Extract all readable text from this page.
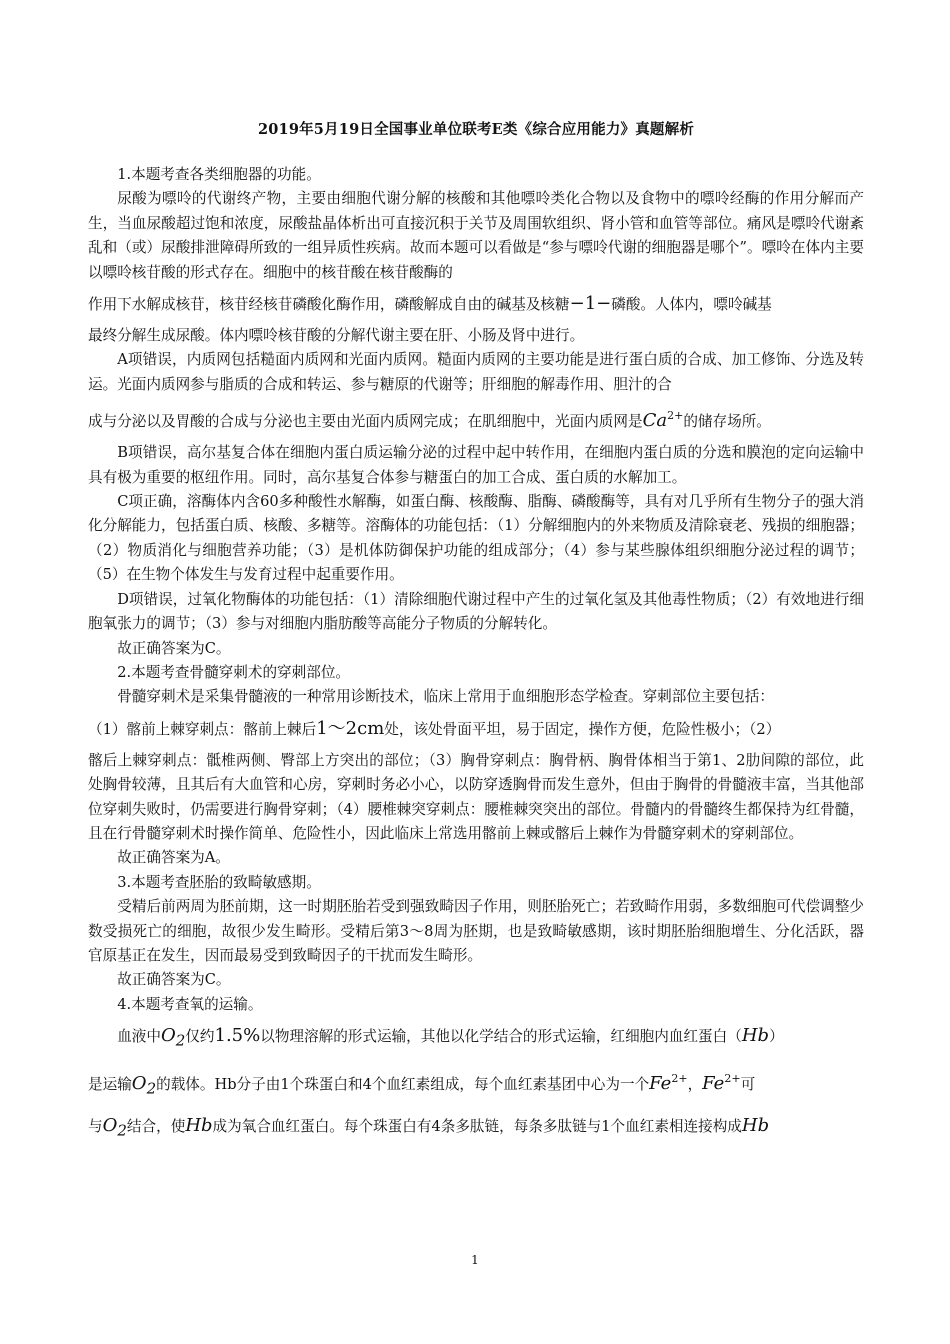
2019年5月19日全国事业单位联考E类《综合应用能力》真题解析

1.本题考查各类细胞器的功能。

尿酸为嘌呤的代谢终产物，主要由细胞代谢分解的核酸和其他嘌呤类化合物以及食物中的嘌呤经酶的作用分解而产生，当血尿酸超过饱和浓度，尿酸盐晶体析出可直接沉积于关节及周围软组织、肾小管和血管等部位。痛风是嘌呤代谢紊乱和（或）尿酸排泄障碍所致的一组异质性疾病。故而本题可以看做是“参与嘌呤代谢的细胞器是哪个”。嘌呤在体内主要以嘌呤核苷酸的形式存在。细胞中的核苷酸在核苷酸酶的

作用下水解成核苷，核苷经核苷磷酸化酶作用，磷酸解成自由的碱基及核糖−1−磷酸。人体内，嘌呤碱基

最终分解生成尿酸。体内嘌呤核苷酸的分解代谢主要在肝、小肠及肾中进行。

A项错误，内质网包括糙面内质网和光面内质网。糙面内质网的主要功能是进行蛋白质的合成、加工修饰、分选及转运。光面内质网参与脂质的合成和转运、参与糖原的代谢等；肝细胞的解毒作用、胆汁的合

成与分泌以及胃酸的合成与分泌也主要由光面内质网完成；在肌细胞中，光面内质网是$Ca^{2+}$的储存场所。

B项错误，高尔基复合体在细胞内蛋白质运输分泌的过程中起中转作用，在细胞内蛋白质的分选和膜泡的定向运输中具有极为重要的枢纽作用。同时，高尔基复合体参与糖蛋白的加工合成、蛋白质的水解加工。

C项正确，溶酶体内含60多种酸性水解酶，如蛋白酶、核酸酶、脂酶、磷酸酶等，具有对几乎所有生物分子的强大消化分解能力，包括蛋白质、核酸、多糖等。溶酶体的功能包括：（1）分解细胞内的外来物质及清除衰老、残损的细胞器；（2）物质消化与细胞营养功能；（3）是机体防御保护功能的组成部分；（4）参与某些腺体组织细胞分泌过程的调节；（5）在生物个体发生与发育过程中起重要作用。

D项错误，过氧化物酶体的功能包括：（1）清除细胞代谢过程中产生的过氧化氢及其他毒性物质；（2）有效地进行细胞氧张力的调节；（3）参与对细胞内脂肪酸等高能分子物质的分解转化。

故正确答案为C。

2.本题考查骨髓穿刺术的穿刺部位。

骨髓穿刺术是采集骨髓液的一种常用诊断技术，临床上常用于血细胞形态学检查。穿刺部位主要包括：

（1）髂前上棘穿刺点：髂前上棘后1～2cm处，该处骨面平坦，易于固定，操作方便，危险性极小；（2）

髂后上棘穿刺点：骶椎两侧、臀部上方突出的部位；（3）胸骨穿刺点：胸骨柄、胸骨体相当于第1、2肋间隙的部位，此处胸骨较薄，且其后有大血管和心房，穿刺时务必小心，以防穿透胸骨而发生意外，但由于胸骨的骨髓液丰富，当其他部位穿刺失败时，仍需要进行胸骨穿刺；（4）腰椎棘突穿刺点：腰椎棘突突出的部位。骨髓内的骨髓终生都保持为红骨髓，且在行骨髓穿刺术时操作简单、危险性小，因此临床上常选用髂前上棘或髂后上棘作为骨髓穿刺术的穿刺部位。

故正确答案为A。

3.本题考查胚胎的致畸敏感期。

受精后前两周为胚前期，这一时期胚胎若受到强致畸因子作用，则胚胎死亡；若致畸作用弱，多数细胞可代偿调整少数受损死亡的细胞，故很少发生畸形。受精后第3～8周为胚期，也是致畸敏感期，该时期胚胎细胞增生、分化活跃，器官原基正在发生，因而最易受到致畸因子的干扰而发生畸形。

故正确答案为C。

4.本题考查氧的运输。

血液中$O_2$仅约1.5%以物理溶解的形式运输，其他以化学结合的形式运输，红细胞内血红蛋白（Hb）

是运输$O_2$的载体。Hb分子由1个珠蛋白和4个血红素组成，每个血红素基团中心为一个$Fe^{2+}$，$Fe^{2+}$可

与$O_2$结合，使Hb成为氧合血红蛋白。每个珠蛋白有4条多肽链，每条多肽链与1个血红素相连接构成Hb

1
